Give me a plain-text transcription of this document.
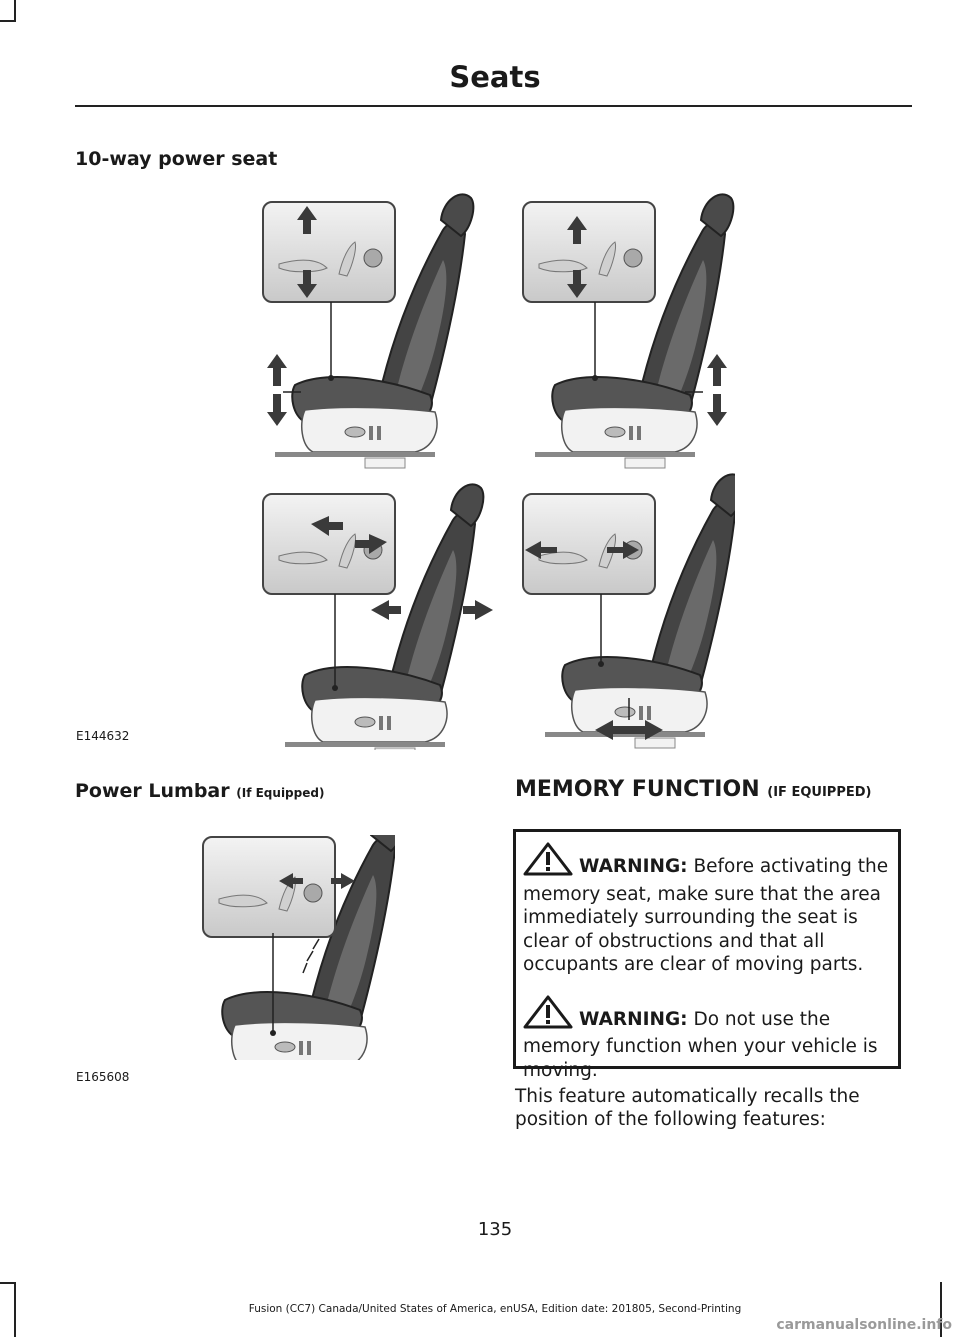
Seats
10-way power seat
E144632
Power Lumbar (If Equipped)
E165608
MEMORY FUNCTION (IF EQUIPPED)

WARNING: Before activating the memory seat, make sure that the area immediately surrounding the seat is clear of obstructions and that all occupants are clear of moving parts.

WARNING: Do not use the memory function when your vehicle is moving.

This feature automatically recalls the position of the following features:

135
Fusion (CC7) Canada/United States of America, enUSA, Edition date: 201805, Second-Printing
carmanualsonline.info
